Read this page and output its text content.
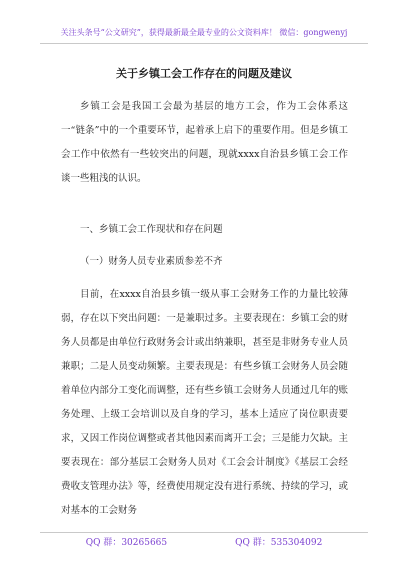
关注头条号“公文研究”，获得最新最全最专业的公文资料库！ 微信：gongwenyj
关于乡镇工会工作存在的问题及建议

乡镇工会是我国工会最为基层的地方工会，作为工会体系这一“链条”中的一个重要环节，起着承上启下的重要作用。但是乡镇工会工作中依然有一些较突出的问题，现就xxxx自治县乡镇工会工作谈一些粗浅的认识。

一、乡镇工会工作现状和存在问题

（一）财务人员专业素质参差不齐

目前，在xxxx自治县乡镇一级从事工会财务工作的力量比较薄弱，存在以下突出问题：一是兼职过多。主要表现在：乡镇工会的财务人员都是由单位行政财务会计或出纳兼职，甚至是非财务专业人员兼职；二是人员变动频繁。主要表现是：有些乡镇工会财务人员会随着单位内部分工变化而调整，还有些乡镇工会财务人员通过几年的账务处理、上级工会培训以及自身的学习，基本上适应了岗位职责要求，又因工作岗位调整或者其他因素而离开工会；三是能力欠缺。主要表现在：部分基层工会财务人员对《工会会计制度》《基层工会经费收支管理办法》等，经费使用规定没有进行系统、持续的学习，或对基本的工会财务

QQ 群：30265665	QQ 群：535304092
